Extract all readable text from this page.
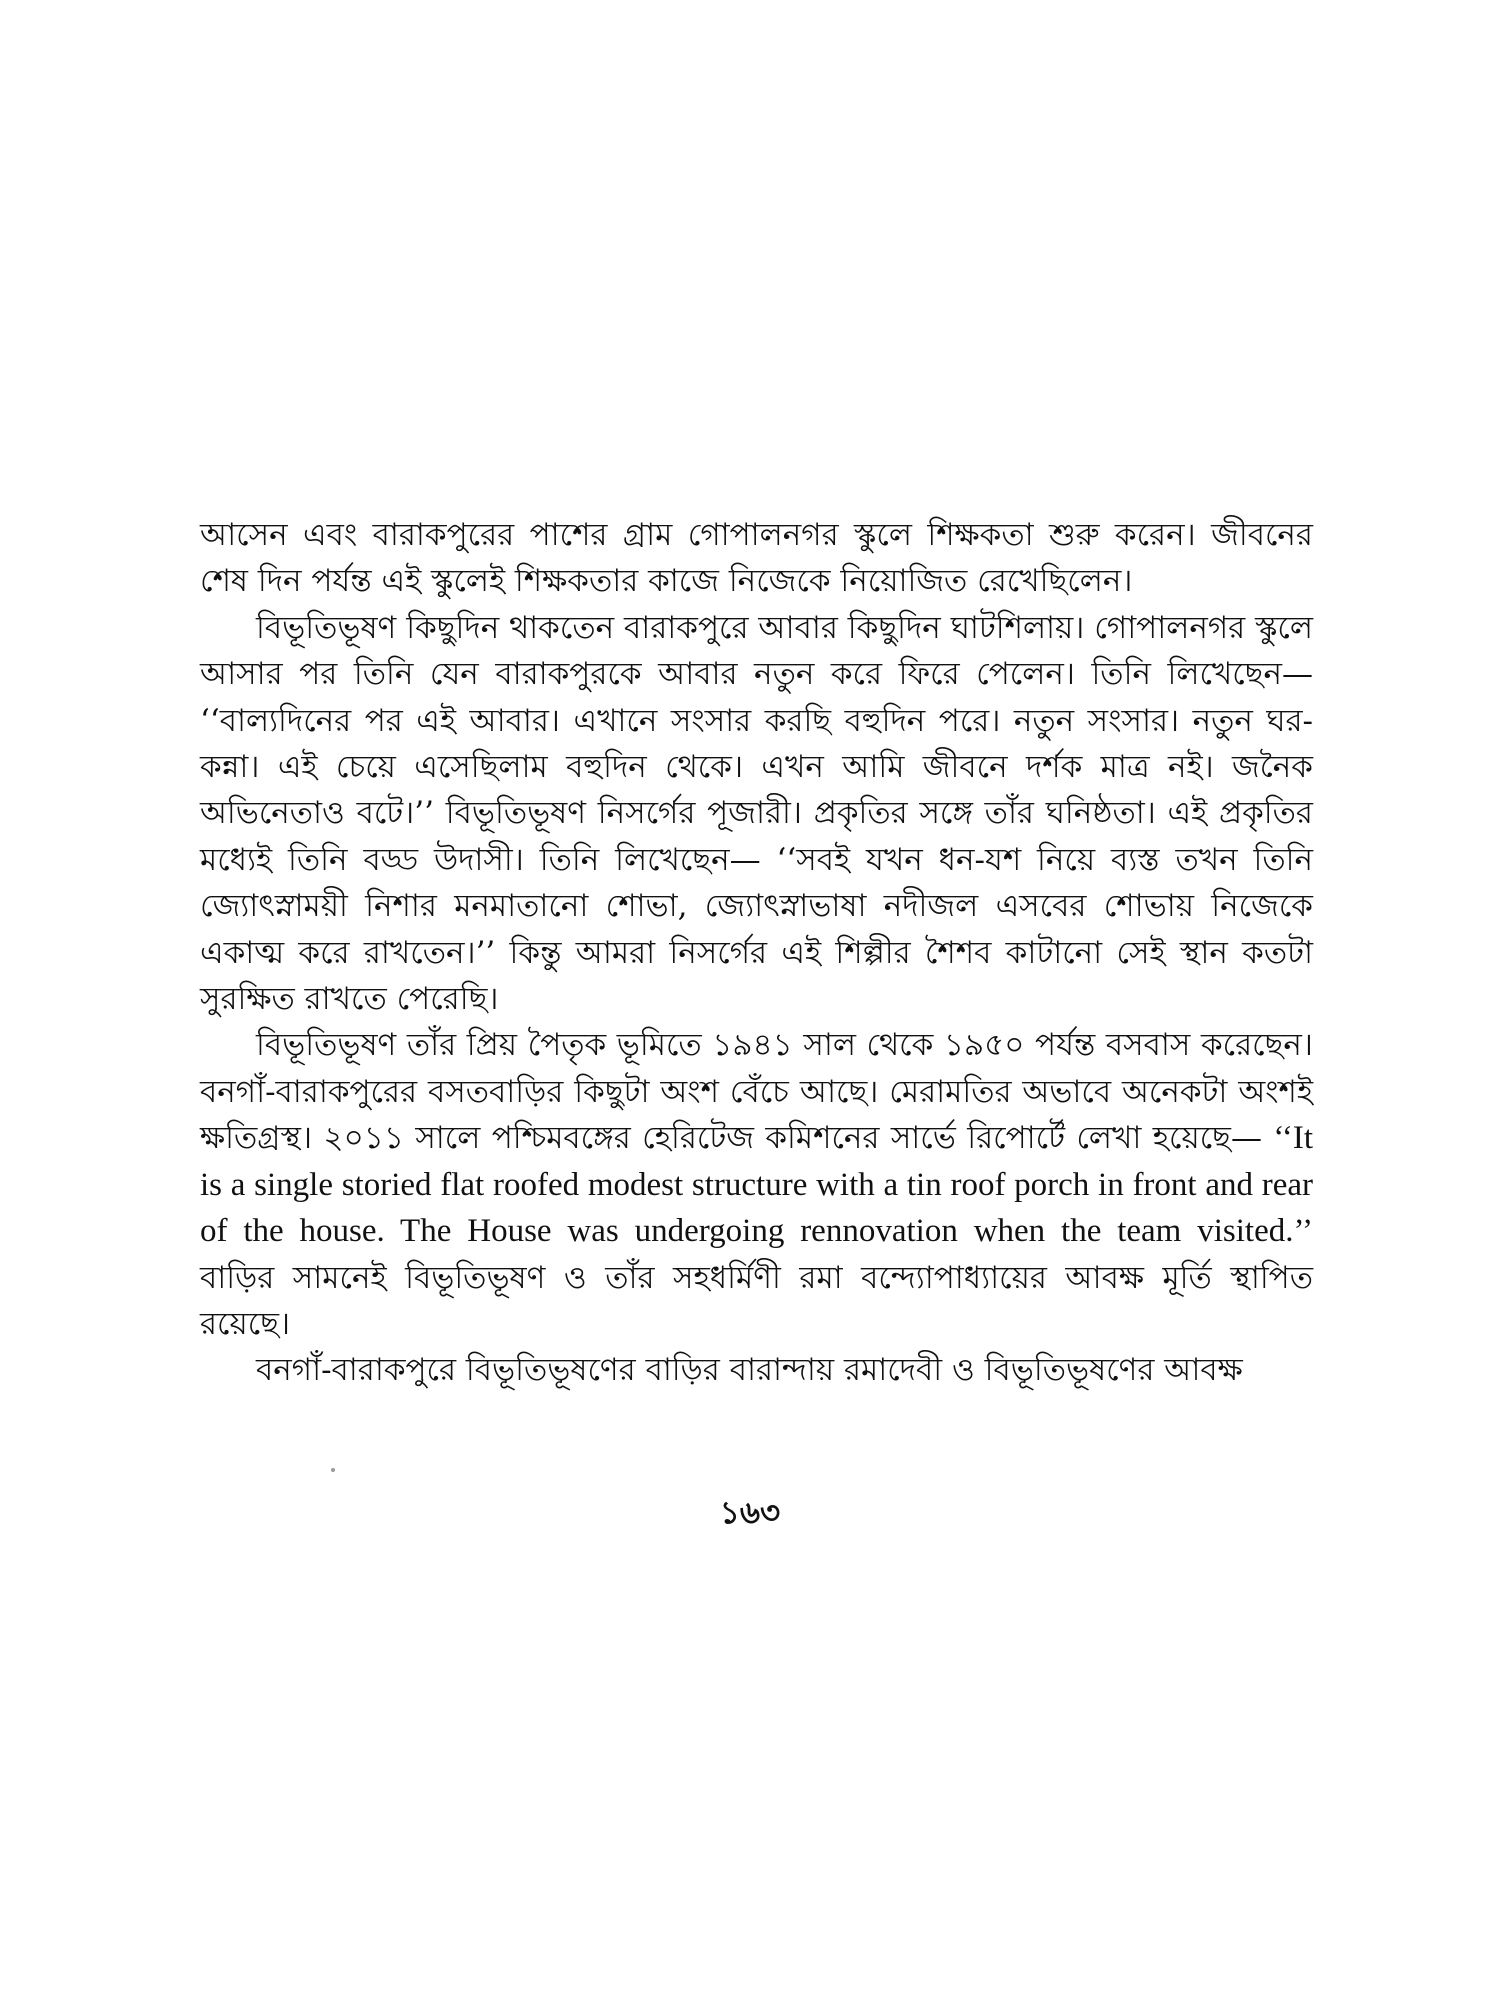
আসেন এবং বারাকপুরের পাশের গ্রাম গোপালনগর স্কুলে শিক্ষকতা শুরু করেন। জীবনের শেষ দিন পর্যন্ত এই স্কুলেই শিক্ষকতার কাজে নিজেকে নিয়োজিত রেখেছিলেন।

বিভূতিভূষণ কিছুদিন থাকতেন বারাকপুরে আবার কিছুদিন ঘাটশিলায়। গোপালনগর স্কুলে আসার পর তিনি যেন বারাকপুরকে আবার নতুন করে ফিরে পেলেন। তিনি লিখেছেন— ‘‘বাল্যদিনের পর এই আবার। এখানে সংসার করছি বহুদিন পরে। নতুন সংসার। নতুন ঘর-কন্না। এই চেয়ে এসেছিলাম বহুদিন থেকে। এখন আমি জীবনে দর্শক মাত্র নই। জনৈক অভিনেতাও বটে।’’ বিভূতিভূষণ নিসর্গের পূজারী। প্রকৃতির সঙ্গে তাঁর ঘনিষ্ঠতা। এই প্রকৃতির মধ্যেই তিনি বড্ড উদাসী। তিনি লিখেছেন— ‘‘সবই যখন ধন-যশ নিয়ে ব্যস্ত তখন তিনি জ্যোৎস্নাময়ী নিশার মনমাতানো শোভা, জ্যোৎস্নাভাষা নদীজল এসবের শোভায় নিজেকে একাত্ম করে রাখতেন।’’ কিন্তু আমরা নিসর্গের এই শিল্পীর শৈশব কাটানো সেই স্থান কতটা সুরক্ষিত রাখতে পেরেছি।

বিভূতিভূষণ তাঁর প্রিয় পৈতৃক ভূমিতে ১৯৪১ সাল থেকে ১৯৫০ পর্যন্ত বসবাস করেছেন। বনগাঁ-বারাকপুরের বসতবাড়ির কিছুটা অংশ বেঁচে আছে। মেরামতির অভাবে অনেকটা অংশই ক্ষতিগ্রস্থ। ২০১১ সালে পশ্চিমবঙ্গের হেরিটেজ কমিশনের সার্ভে রিপোর্টে লেখা হয়েছে— ‘‘It is a single storied flat roofed modest structure with a tin roof porch in front and rear of the house. The House was undergoing rennovation when the team visited.’’ বাড়ির সামনেই বিভূতিভূষণ ও তাঁর সহধর্মিণী রমা বন্দ্যোপাধ্যায়ের আবক্ষ মূর্তি স্থাপিত রয়েছে।

বনগাঁ-বারাকপুরে বিভূতিভূষণের বাড়ির বারান্দায় রমাদেবী ও বিভূতিভূষণের আবক্ষ

১৬৩
